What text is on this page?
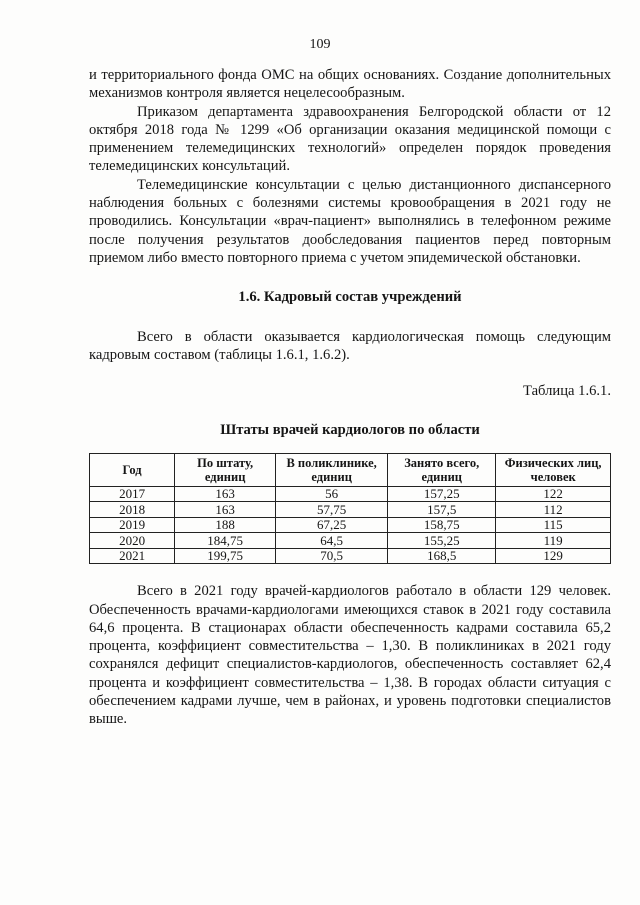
109

и территориального фонда ОМС на общих основаниях. Создание дополнительных механизмов контроля является нецелесообразным.

Приказом департамента здравоохранения Белгородской области от 12 октября 2018 года № 1299 «Об организации оказания медицинской помощи с применением телемедицинских технологий» определен порядок проведения телемедицинских консультаций.

Телемедицинские консультации с целью дистанционного диспансерного наблюдения больных с болезнями системы кровообращения в 2021 году не проводились. Консультации «врач-пациент» выполнялись в телефонном режиме после получения результатов дообследования пациентов перед повторным приемом либо вместо повторного приема с учетом эпидемической обстановки.

1.6. Кадровый состав учреждений

Всего в области оказывается кардиологическая помощь следующим кадровым составом (таблицы 1.6.1, 1.6.2).

Таблица 1.6.1.

Штаты врачей кардиологов по области

Год	По штату, единиц	В поликлинике, единиц	Занято всего, единиц	Физических лиц, человек
2017	163	56	157,25	122
2018	163	57,75	157,5	112
2019	188	67,25	158,75	115
2020	184,75	64,5	155,25	119
2021	199,75	70,5	168,5	129

Всего в 2021 году врачей-кардиологов работало в области 129 человек. Обеспеченность врачами-кардиологами имеющихся ставок в 2021 году составила 64,6 процента. В стационарах области обеспеченность кадрами составила 65,2 процента, коэффициент совместительства – 1,30. В поликлиниках в 2021 году сохранялся дефицит специалистов-кардиологов, обеспеченность составляет 62,4 процента и коэффициент совместительства – 1,38. В городах области ситуация с обеспечением кадрами лучше, чем в районах, и уровень подготовки специалистов выше.
